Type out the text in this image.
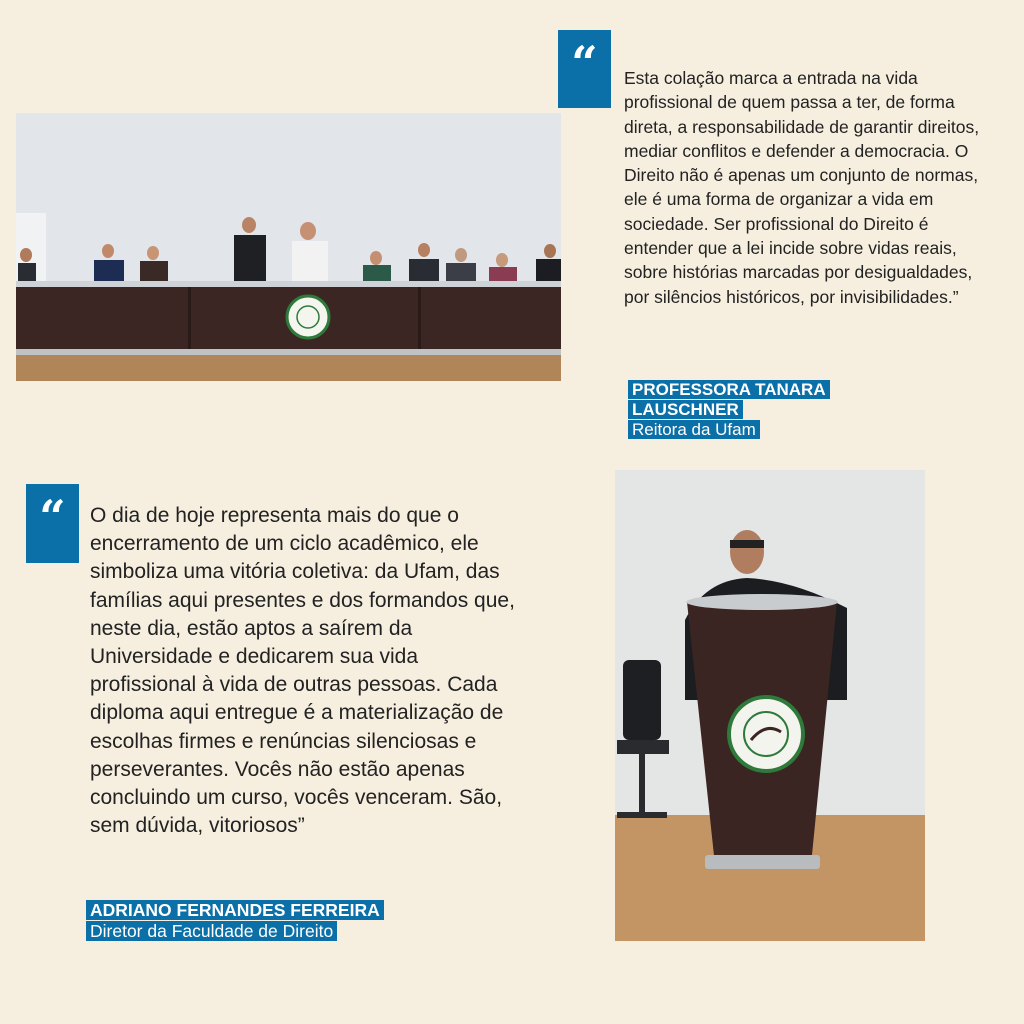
“	Esta colação marca a entrada na vida profissional de quem passa a ter, de forma direta, a responsabilidade de garantir direitos, mediar conflitos e defender a democracia. O Direito não é apenas um conjunto de normas, ele é uma forma de organizar a vida em sociedade. Ser profissional do Direito é entender que a lei incide sobre vidas reais, sobre histórias marcadas por desigualdades, por silêncios históricos, por invisibilidades.”

PROFESSORA TANARA LAUSCHNER

Reitora da Ufam

“	O dia de hoje representa mais do que o encerramento de um ciclo acadêmico, ele simboliza uma vitória coletiva: da Ufam, das famílias aqui presentes e dos formandos que, neste dia, estão aptos a saírem da Universidade e dedicarem sua vida profissional à vida de outras pessoas. Cada diploma aqui entregue é a materialização de escolhas firmes e renúncias silenciosas e perseverantes. Vocês não estão apenas concluindo um curso, vocês venceram. São, sem dúvida, vitoriosos”

ADRIANO FERNANDES FERREIRA

Diretor da Faculdade de Direito
